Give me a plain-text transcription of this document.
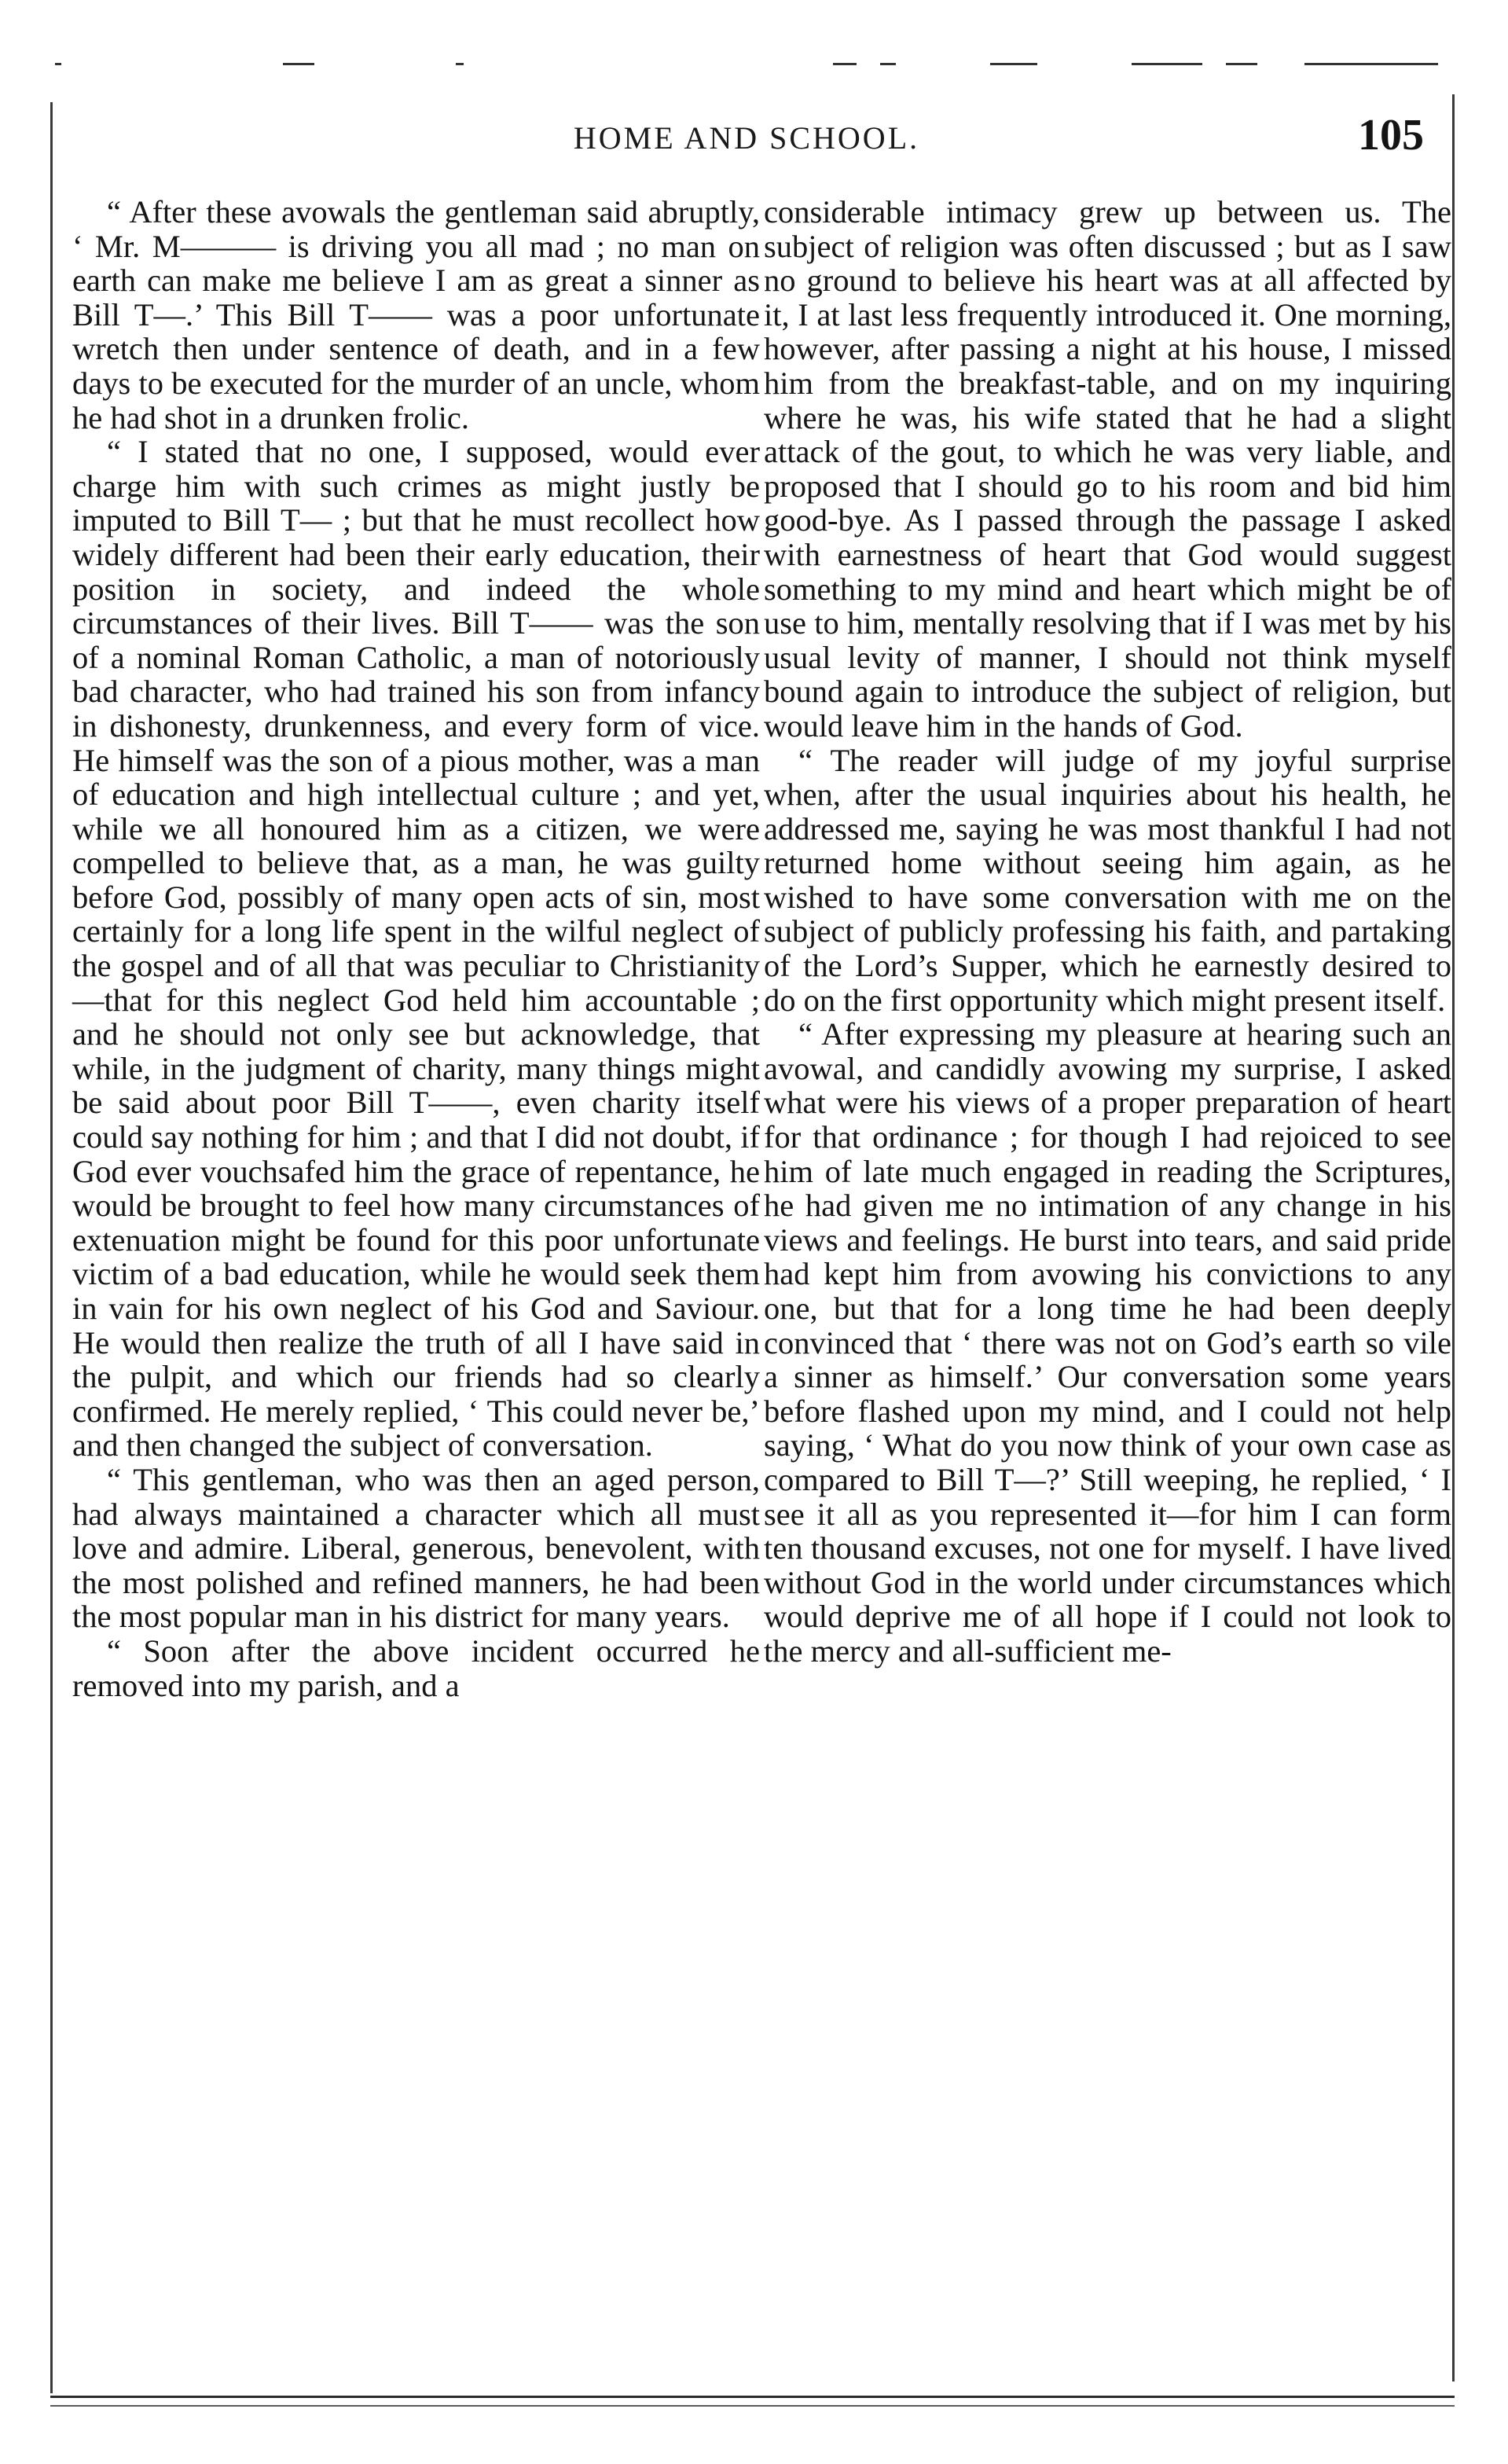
HOME AND SCHOOL.	105

“ After these avowals the gentleman said abruptly, ‘ Mr. M——— is driving you all mad ; no man on earth can make me believe I am as great a sinner as Bill T—.’ This Bill T—— was a poor unfortunate wretch then under sentence of death, and in a few days to be executed for the murder of an uncle, whom he had shot in a drunken frolic.

“ I stated that no one, I supposed, would ever charge him with such crimes as might justly be imputed to Bill T— ; but that he must recollect how widely different had been their early education, their position in society, and indeed the whole circumstances of their lives. Bill T—— was the son of a nominal Roman Catholic, a man of notoriously bad character, who had trained his son from infancy in dishonesty, drunkenness, and every form of vice. He himself was the son of a pious mother, was a man of education and high intellectual culture ; and yet, while we all honoured him as a citizen, we were compelled to believe that, as a man, he was guilty before God, possibly of many open acts of sin, most certainly for a long life spent in the wilful neglect of the gospel and of all that was peculiar to Christianity—that for this neglect God held him accountable ; and he should not only see but acknowledge, that while, in the judgment of charity, many things might be said about poor Bill T——, even charity itself could say nothing for him ; and that I did not doubt, if God ever vouchsafed him the grace of repentance, he would be brought to feel how many circumstances of extenuation might be found for this poor unfortunate victim of a bad education, while he would seek them in vain for his own neglect of his God and Saviour. He would then realize the truth of all I have said in the pulpit, and which our friends had so clearly confirmed. He merely replied, ‘ This could never be,’ and then changed the subject of conversation.

“ This gentleman, who was then an aged person, had always maintained a character which all must love and admire. Liberal, generous, benevolent, with the most polished and refined manners, he had been the most popular man in his district for many years.

“ Soon after the above incident occurred he removed into my parish, and a

considerable intimacy grew up between us. The subject of religion was often discussed ; but as I saw no ground to believe his heart was at all affected by it, I at last less frequently introduced it. One morning, however, after passing a night at his house, I missed him from the breakfast-table, and on my inquiring where he was, his wife stated that he had a slight attack of the gout, to which he was very liable, and proposed that I should go to his room and bid him good-bye. As I passed through the passage I asked with earnestness of heart that God would suggest something to my mind and heart which might be of use to him, mentally resolving that if I was met by his usual levity of manner, I should not think myself bound again to introduce the subject of religion, but would leave him in the hands of God.

“ The reader will judge of my joyful surprise when, after the usual inquiries about his health, he addressed me, saying he was most thankful I had not returned home without seeing him again, as he wished to have some conversation with me on the subject of publicly professing his faith, and partaking of the Lord’s Supper, which he earnestly desired to do on the first opportunity which might present itself.

“ After expressing my pleasure at hearing such an avowal, and candidly avowing my surprise, I asked what were his views of a proper preparation of heart for that ordinance ; for though I had rejoiced to see him of late much engaged in reading the Scriptures, he had given me no intimation of any change in his views and feelings. He burst into tears, and said pride had kept him from avowing his convictions to any one, but that for a long time he had been deeply convinced that ‘ there was not on God’s earth so vile a sinner as himself.’ Our conversation some years before flashed upon my mind, and I could not help saying, ‘ What do you now think of your own case as compared to Bill T—?’ Still weeping, he replied, ‘ I see it all as you represented it—for him I can form ten thousand excuses, not one for myself. I have lived without God in the world under circumstances which would deprive me of all hope if I could not look to the mercy and all-sufficient me-
